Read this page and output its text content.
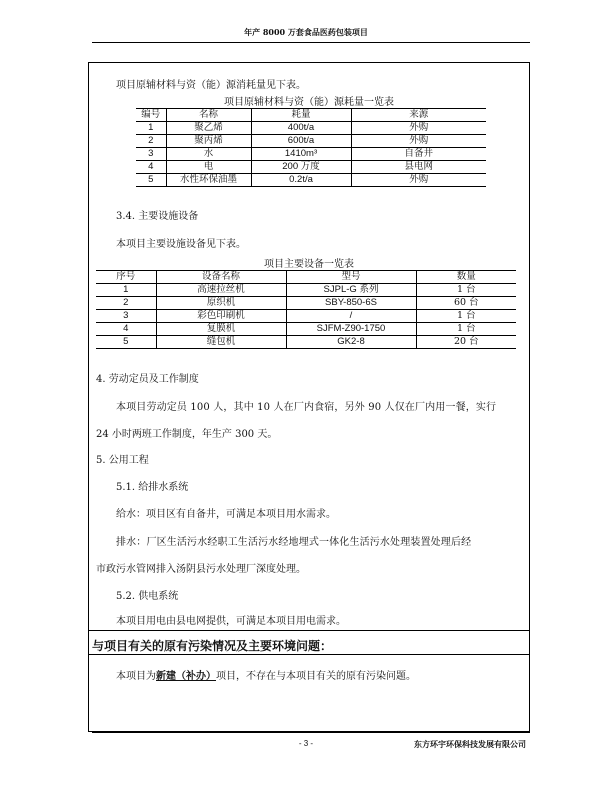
年产 8000 万套食品医药包装项目
项目原辅材料与资（能）源消耗量见下表。
项目原辅材料与资（能）源耗量一览表
编号	名称	耗量	来源
1	聚乙烯	400t/a	外购
2	聚丙烯	600t/a	外购
3	水	1410m³	自备井
4	电	200 万度	县电网
5	水性环保油墨	0.2t/a	外购
3.4. 主要设施设备
本项目主要设施设备见下表。
项目主要设备一览表
序号	设备名称	型号	数量
1	高速拉丝机	SJPL-G 系列	1 台
2	原织机	SBY-850-6S	60 台
3	彩色印刷机	/	1 台
4	复膜机	SJFM-Z90-1750	1 台
5	缝包机	GK2-8	20 台
4. 劳动定员及工作制度
本项目劳动定员 100 人，其中 10 人在厂内食宿，另外 90 人仅在厂内用一餐，实行
24 小时两班工作制度，年生产 300 天。
5. 公用工程
5.1. 给排水系统
给水：项目区有自备井，可满足本项目用水需求。
排水：厂区生活污水经职工生活污水经地埋式一体化生活污水处理装置处理后经
市政污水管网排入汤阴县污水处理厂深度处理。
5.2. 供电系统
本项目用电由县电网提供，可满足本项目用电需求。
与项目有关的原有污染情况及主要环境问题：
本项目为新建（补办）项目，不存在与本项目有关的原有污染问题。
- 3 -	东方环宇环保科技发展有限公司
